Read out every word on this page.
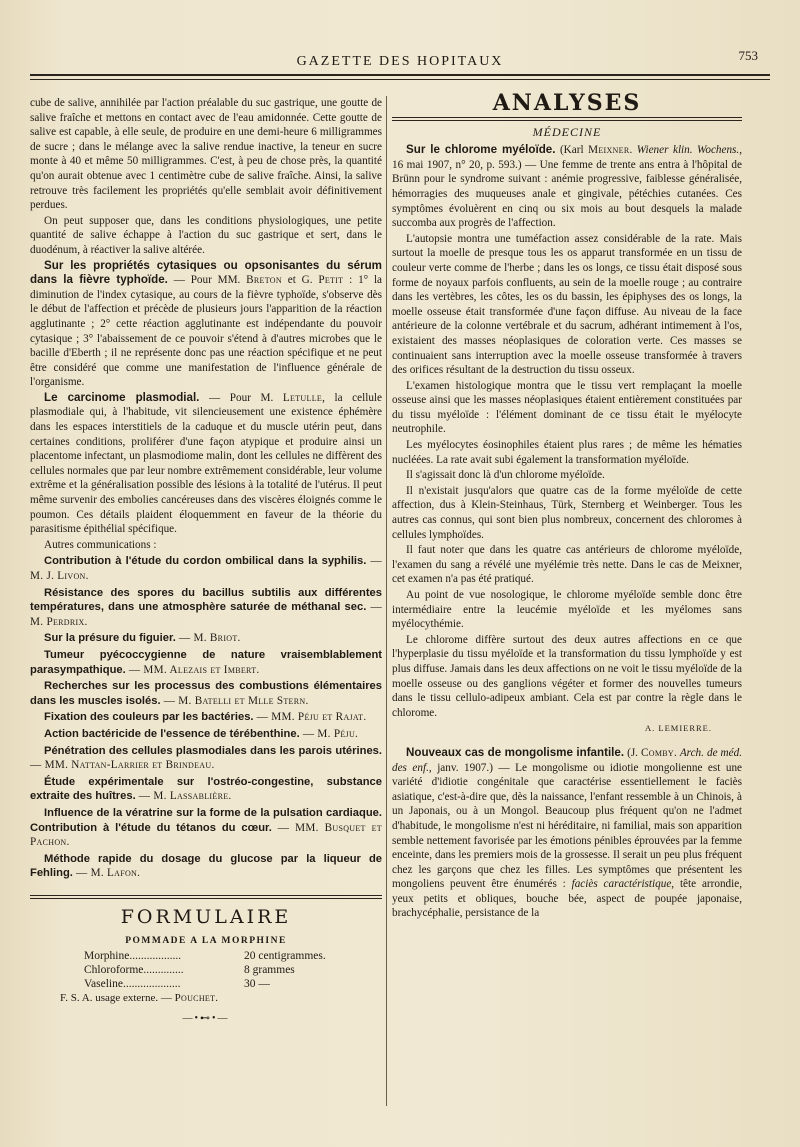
GAZETTE DES HOPITAUX	753

cube de salive, annihilée par l'action préalable du suc gastrique, une goutte de salive fraîche et mettons en contact avec de l'eau amidonnée. Cette goutte de salive est capable, à elle seule, de produire en une demi-heure 6 milligrammes de sucre ; dans le mélange avec la salive rendue inactive, la teneur en sucre monte à 40 et même 50 milligrammes. C'est, à peu de chose près, la quantité qu'on aurait obtenue avec 1 centimètre cube de salive fraîche. Ainsi, la salive retrouve très facilement les propriétés qu'elle semblait avoir définitivement perdues.

On peut supposer que, dans les conditions physiologiques, une petite quantité de salive échappe à l'action du suc gastrique et sert, dans le duodénum, à réactiver la salive altérée.

Sur les propriétés cytasiques ou opsonisantes du sérum dans la fièvre typhoïde. — Pour MM. Breton et G. Petit : 1° la diminution de l'index cytasique, au cours de la fièvre typhoïde, s'observe dès le début de l'affection et précède de plusieurs jours l'apparition de la réaction agglutinante ; 2° cette réaction agglutinante est indépendante du pouvoir cytasique ; 3° l'abaissement de ce pouvoir s'étend à d'autres microbes que le bacille d'Eberth ; il ne représente donc pas une réaction spécifique et ne peut être considéré que comme une manifestation de l'influence générale de l'organisme.

Le carcinome plasmodial. — Pour M. Letulle, la cellule plasmodiale qui, à l'habitude, vit silencieusement une existence éphémère dans les espaces interstitiels de la caduque et du muscle utérin peut, dans certaines conditions, proliférer d'une façon atypique et produire ainsi un placentome infectant, un plasmodiome malin, dont les cellules ne diffèrent des cellules normales que par leur nombre extrêmement considérable, leur volume extrême et la généralisation possible des lésions à la totalité de l'utérus. Il peut même survenir des embolies cancéreuses dans des viscères éloignés comme le poumon. Ces détails plaident éloquemment en faveur de la théorie du parasitisme épithélial spécifique.

Autres communications :

Contribution à l'étude du cordon ombilical dans la syphilis. — M. J. Livon.

Résistance des spores du bacillus subtilis aux différentes températures, dans une atmosphère saturée de méthanal sec. — M. Perdrix.

Sur la présure du figuier. — M. Briot.

Tumeur pyécoccygienne de nature vraisemblablement parasympathique. — MM. Alezais et Imbert.

Recherches sur les processus des combustions élémentaires dans les muscles isolés. — M. Batelli et Mlle Stern.

Fixation des couleurs par les bactéries. — MM. Péju et Rajat.

Action bactéricide de l'essence de térébenthine. — M. Péju.

Pénétration des cellules plasmodiales dans les parois utérines. — MM. Nattan-Larrier et Brindeau.

Étude expérimentale sur l'ostréo-congestine, substance extraite des huîtres. — M. Lassablière.

Influence de la vératrine sur la forme de la pulsation cardiaque. Contribution à l'étude du tétanos du cœur. — MM. Busquet et Pachon.

Méthode rapide du dosage du glucose par la liqueur de Fehling. — M. Lafon.

FORMULAIRE
POMMADE A LA MORPHINE
Morphine..................	20 centigrammes.
Chloroforme..............	8 grammes
Vaseline....................	30 —
F. S. A. usage externe. — Pouchet.
—•⊷•—
ANALYSES
MÉDECINE

Sur le chlorome myéloïde. (Karl Meixner. Wiener klin. Wochens., 16 mai 1907, n° 20, p. 593.) — Une femme de trente ans entra à l'hôpital de Brünn pour le syndrome suivant : anémie progressive, faiblesse généralisée, hémorragies des muqueuses anale et gingivale, pétéchies cutanées. Ces symptômes évoluèrent en cinq ou six mois au bout desquels la malade succomba aux progrès de l'affection.

L'autopsie montra une tuméfaction assez considérable de la rate. Mais surtout la moelle de presque tous les os apparut transformée en un tissu de couleur verte comme de l'herbe ; dans les os longs, ce tissu était disposé sous forme de noyaux parfois confluents, au sein de la moelle rouge ; au contraire dans les vertèbres, les côtes, les os du bassin, les épiphyses des os longs, la moelle osseuse était transformée d'une façon diffuse. Au niveau de la face antérieure de la colonne vertébrale et du sacrum, adhérant intimement à l'os, existaient des masses néoplasiques de coloration verte. Ces masses se continuaient sans interruption avec la moelle osseuse transformée à travers des orifices résultant de la destruction du tissu osseux.

L'examen histologique montra que le tissu vert remplaçant la moelle osseuse ainsi que les masses néoplasiques étaient entièrement constituées par du tissu myéloïde : l'élément dominant de ce tissu était le myélocyte neutrophile.

Les myélocytes éosinophiles étaient plus rares ; de même les hématies nucléées. La rate avait subi également la transformation myéloïde.

Il s'agissait donc là d'un chlorome myéloïde.

Il n'existait jusqu'alors que quatre cas de la forme myéloïde de cette affection, dus à Klein-Steinhaus, Türk, Sternberg et Weinberger. Tous les autres cas connus, qui sont bien plus nombreux, concernent des chloromes à cellules lymphoïdes.

Il faut noter que dans les quatre cas antérieurs de chlorome myéloïde, l'examen du sang a révélé une myélémie très nette. Dans le cas de Meixner, cet examen n'a pas été pratiqué.

Au point de vue nosologique, le chlorome myéloïde semble donc être intermédiaire entre la leucémie myéloïde et les myélomes sans myélocythémie.

Le chlorome diffère surtout des deux autres affections en ce que l'hyperplasie du tissu myéloïde et la transformation du tissu lymphoïde y est plus diffuse. Jamais dans les deux affections on ne voit le tissu myéloïde de la moelle osseuse ou des ganglions végéter et former des nouvelles tumeurs dans le tissu cellulo-adipeux ambiant. Cela est par contre la règle dans le chlorome.

A. LEMIERRE.

Nouveaux cas de mongolisme infantile. (J. Comby. Arch. de méd. des enf., janv. 1907.) — Le mongolisme ou idiotie mongolienne est une variété d'idiotie congénitale que caractérise essentiellement le faciès asiatique, c'est-à-dire que, dès la naissance, l'enfant ressemble à un Chinois, à un Japonais, ou à un Mongol. Beaucoup plus fréquent qu'on ne l'admet d'habitude, le mongolisme n'est ni héréditaire, ni familial, mais son apparition semble nettement favorisée par les émotions pénibles éprouvées par la femme enceinte, dans les premiers mois de la grossesse. Il serait un peu plus fréquent chez les garçons que chez les filles. Les symptômes que présentent les mongoliens peuvent être énumérés : faciès caractéristique, tête arrondie, yeux petits et obliques, bouche bée, aspect de poupée japonaise, brachycéphalie, persistance de la
